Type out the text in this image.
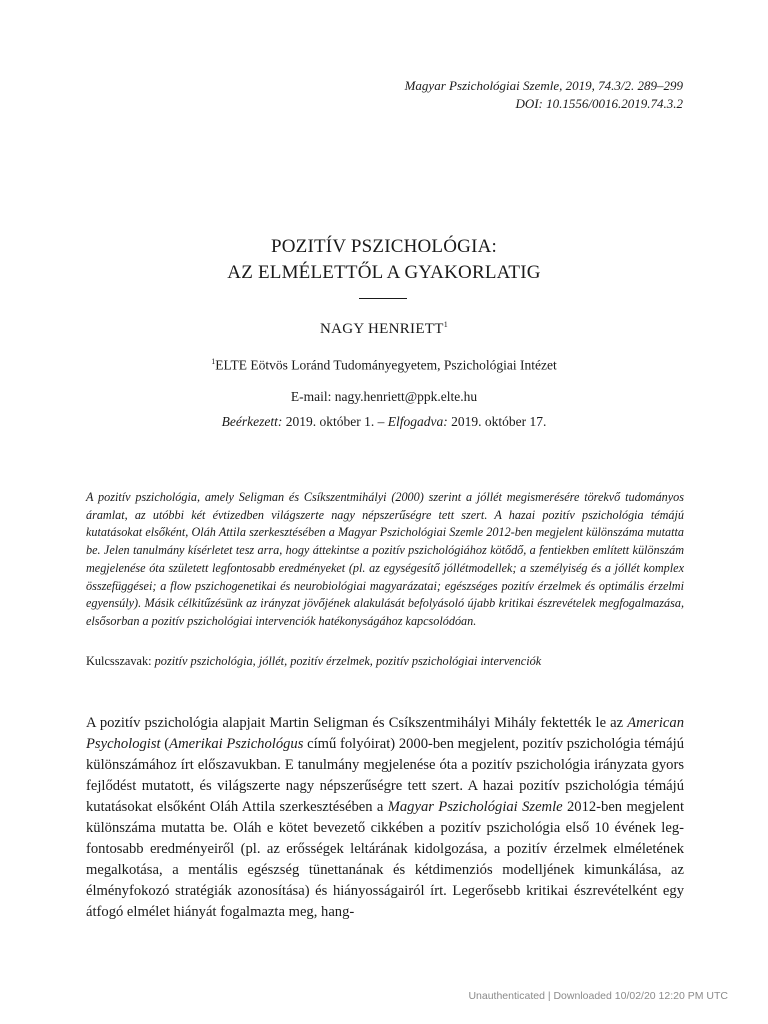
Magyar Pszichológiai Szemle, 2019, 74.3/2. 289–299
DOI: 10.1556/0016.2019.74.3.2
POZITÍV PSZICHOLÓGIA:
AZ ELMÉLETTŐL A GYAKORLATIG
NAGY HENRIETT$^1$
$^1$ELTE Eötvös Loránd Tudományegyetem, Pszichológiai Intézet
E-mail: nagy.henriett@ppk.elte.hu
Beérkezett: 2019. október 1. – Elfogadva: 2019. október 17.
A pozitív pszichológia, amely Seligman és Csíkszentmihályi (2000) szerint a jóllét megismerésére törekvő tudományos áramlat, az utóbbi két évtizedben világszerte nagy népszerűségre tett szert. A hazai pozitív pszichológia témájú kutatásokat elsőként, Oláh Attila szerkesztésében a Magyar Pszichológiai Szemle 2012-ben megjelent különszáma mutatta be. Jelen tanulmány kísérletet tesz arra, hogy áttekintse a pozitív pszichológiához kötődő, a fentiekben említett különszám megjelenése óta született legfontosabb eredményeket (pl. az egységesítő jóllétmodellek; a személyiség és a jóllét komplex összefüggései; a flow pszichogenetikai és neurobiológiai magyarázatai; egészséges pozitív érzelmek és optimális érzelmi egyensúly). Másik célkitűzésünk az irányzat jövőjének alakulását befolyásoló újabb kritikai észrevételek megfogalmazása, elsősorban a pozitív pszichológiai intervenciók hatékonyságához kapcsolódóan.
Kulcsszavak: pozitív pszichológia, jóllét, pozitív érzelmek, pozitív pszichológiai intervenciók
A pozitív pszichológia alapjait Martin Seligman és Csíkszentmihályi Mihály fektették le az American Psychologist (Amerikai Pszichológus című folyóirat) 2000-ben megjelent, pozitív pszichológia témájú különszámához írt előszavukban. E tanulmány megjelenése óta a pozitív pszichológia irányzata gyors fejlődést mutatott, és világszerte nagy népszerűségre tett szert. A hazai pozitív pszichológia témájú kutatásokat elsőként Oláh Attila szerkesztésében a Magyar Pszichológiai Szemle 2012-ben megjelent különszáma mutatta be. Oláh e kötet bevezető cikkében a pozitív pszichológia első 10 évének legfontosabb eredményeiről (pl. az erősségek leltárának kidolgozása, a pozitív érzelmek elméletének megalkotása, a mentális egészség tünettanának és kétdimenziós modelljének kimunkálása, az élményfokozó stratégiák azonosítása) és hiányosságairól írt. Legerősebb kritikai észrevételként egy átfogó elmélet hiányát fogalmazta meg, hang-
Unauthenticated | Downloaded 10/02/20 12:20 PM UTC
